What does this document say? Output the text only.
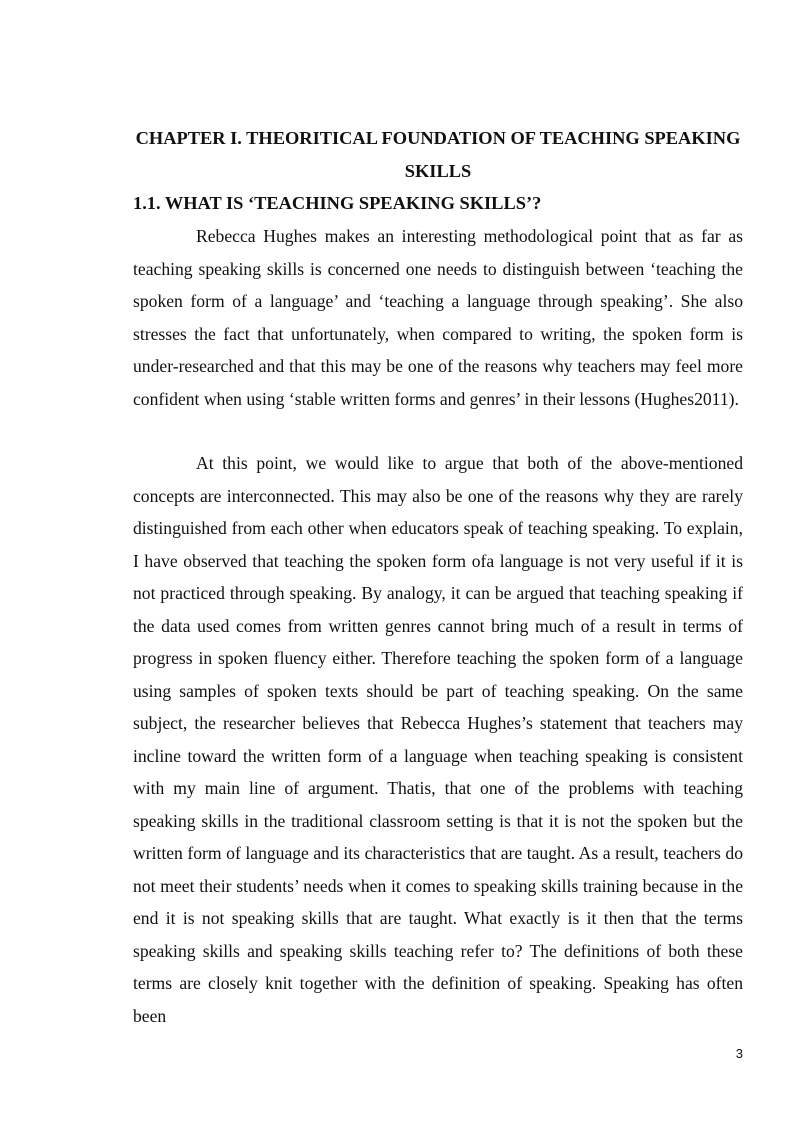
CHAPTER I. THEORITICAL FOUNDATION OF TEACHING SPEAKING SKILLS
1.1. WHAT IS ‘TEACHING SPEAKING SKILLS’?

Rebecca Hughes makes an interesting methodological point that as far as teaching speaking skills is concerned one needs to distinguish between ‘teaching the spoken form of a language’ and ‘teaching a language through speaking’. She also stresses the fact that unfortunately, when compared to writing, the spoken form is under-researched and that this may be one of the reasons why teachers may feel more confident when using ‘stable written forms and genres’ in their lessons (Hughes2011).

At this point, we would like to argue that both of the above-mentioned concepts are interconnected. This may also be one of the reasons why they are rarely distinguished from each other when educators speak of teaching speaking. To explain, I have observed that teaching the spoken form ofa language is not very useful if it is not practiced through speaking. By analogy, it can be argued that teaching speaking if the data used comes from written genres cannot bring much of a result in terms of progress in spoken fluency either. Therefore teaching the spoken form of a language using samples of spoken texts should be part of teaching speaking. On the same subject, the researcher believes that Rebecca Hughes’s statement that teachers may incline toward the written form of a language when teaching speaking is consistent with my main line of argument. Thatis, that one of the problems with teaching speaking skills in the traditional classroom setting is that it is not the spoken but the written form of language and its characteristics that are taught. As a result, teachers do not meet their students’ needs when it comes to speaking skills training because in the end it is not speaking skills that are taught. What exactly is it then that the terms speaking skills and speaking skills teaching refer to? The definitions of both these terms are closely knit together with the definition of speaking. Speaking has often been

3
